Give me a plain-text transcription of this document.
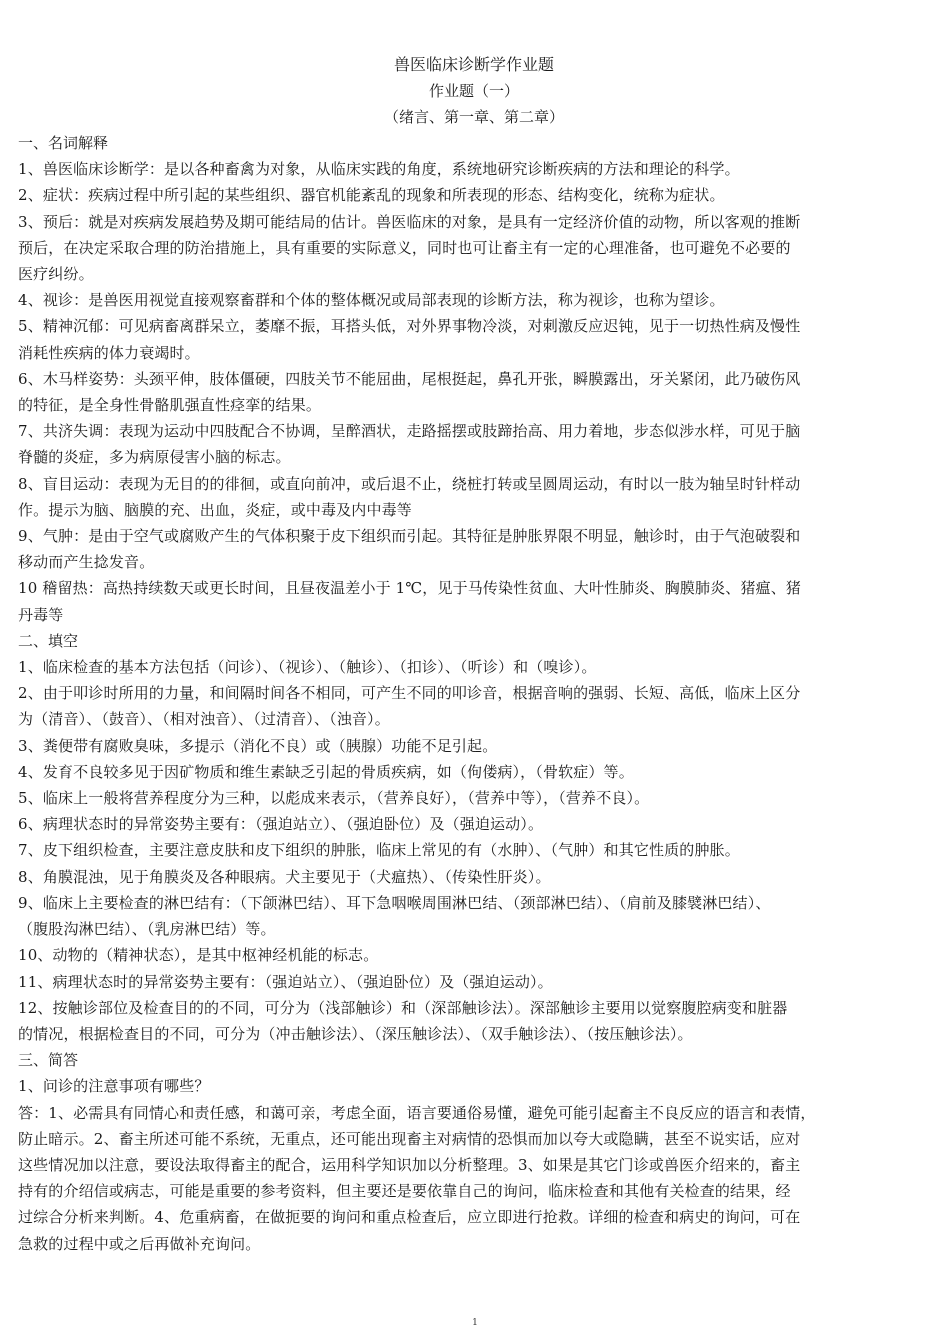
兽医临床诊断学作业题
作业题（一）
（绪言、第一章、第二章）
一、名词解释
1、兽医临床诊断学：是以各种畜禽为对象，从临床实践的角度，系统地研究诊断疾病的方法和理论的科学。
2、症状：疾病过程中所引起的某些组织、器官机能紊乱的现象和所表现的形态、结构变化，统称为症状。
3、预后：就是对疾病发展趋势及期可能结局的估计。兽医临床的对象，是具有一定经济价值的动物，所以客观的推断
预后，在决定采取合理的防治措施上，具有重要的实际意义，同时也可让畜主有一定的心理准备，也可避免不必要的
医疗纠纷。
4、视诊：是兽医用视觉直接观察畜群和个体的整体概况或局部表现的诊断方法，称为视诊，也称为望诊。
5、精神沉郁：可见病畜离群呆立，萎靡不振，耳搭头低，对外界事物冷淡，对刺激反应迟钝，见于一切热性病及慢性
消耗性疾病的体力衰竭时。
6、木马样姿势：头颈平伸，肢体僵硬，四肢关节不能屈曲，尾根挺起，鼻孔开张，瞬膜露出，牙关紧闭，此乃破伤风
的特征，是全身性骨骼肌强直性痉挛的结果。
7、共济失调：表现为运动中四肢配合不协调，呈醉酒状，走路摇摆或肢蹄抬高、用力着地，步态似涉水样，可见于脑
脊髓的炎症，多为病原侵害小脑的标志。
8、盲目运动：表现为无目的的徘徊，或直向前冲，或后退不止，绕桩打转或呈圆周运动，有时以一肢为轴呈时针样动
作。提示为脑、脑膜的充、出血，炎症，或中毒及内中毒等
9、气肿：是由于空气或腐败产生的气体积聚于皮下组织而引起。其特征是肿胀界限不明显，触诊时，由于气泡破裂和
移动而产生捻发音。
10 稽留热：高热持续数天或更长时间，且昼夜温差小于 1℃，见于马传染性贫血、大叶性肺炎、胸膜肺炎、猪瘟、猪
丹毒等
二、填空
1、临床检查的基本方法包括（问诊）、（视诊）、（触诊）、（扣诊）、（听诊）和（嗅诊）。
2、由于叩诊时所用的力量，和间隔时间各不相同，可产生不同的叩诊音，根据音响的强弱、长短、高低，临床上区分
为（清音）、（鼓音）、（相对浊音）、（过清音）、（浊音）。
3、粪便带有腐败臭味，多提示（消化不良）或（胰腺）功能不足引起。
4、发育不良较多见于因矿物质和维生素缺乏引起的骨质疾病，如（佝偻病），（骨软症）等。
5、临床上一般将营养程度分为三种，以彪成来表示，（营养良好），（营养中等），（营养不良）。
6、病理状态时的异常姿势主要有：（强迫站立）、（强迫卧位）及（强迫运动）。
7、皮下组织检查，主要注意皮肤和皮下组织的肿胀，临床上常见的有（水肿）、（气肿）和其它性质的肿胀。
8、角膜混浊，见于角膜炎及各种眼病。犬主要见于（犬瘟热）、（传染性肝炎）。
9、临床上主要检查的淋巴结有：（下颌淋巴结）、耳下急咽喉周围淋巴结、（颈部淋巴结）、（肩前及膝襞淋巴结）、
（腹股沟淋巴结）、（乳房淋巴结）等。
10、动物的（精神状态），是其中枢神经机能的标志。
11、病理状态时的异常姿势主要有：（强迫站立）、（强迫卧位）及（强迫运动）。
12、按触诊部位及检查目的的不同，可分为（浅部触诊）和（深部触诊法）。深部触诊主要用以觉察腹腔病变和脏器
的情况，根据检查目的不同，可分为（冲击触诊法）、（深压触诊法）、（双手触诊法）、（按压触诊法）。
三、简答
1、问诊的注意事项有哪些？
答：1、必需具有同情心和责任感，和蔼可亲，考虑全面，语言要通俗易懂，避免可能引起畜主不良反应的语言和表情，
防止暗示。2、畜主所述可能不系统，无重点，还可能出现畜主对病情的恐惧而加以夸大或隐瞒，甚至不说实话，应对
这些情况加以注意，要设法取得畜主的配合，运用科学知识加以分析整理。3、如果是其它门诊或兽医介绍来的，畜主
持有的介绍信或病志，可能是重要的参考资料，但主要还是要依靠自己的询问，临床检查和其他有关检查的结果，经
过综合分析来判断。4、危重病畜，在做扼要的询问和重点检查后，应立即进行抢救。详细的检查和病史的询问，可在
急救的过程中或之后再做补充询问。
1
